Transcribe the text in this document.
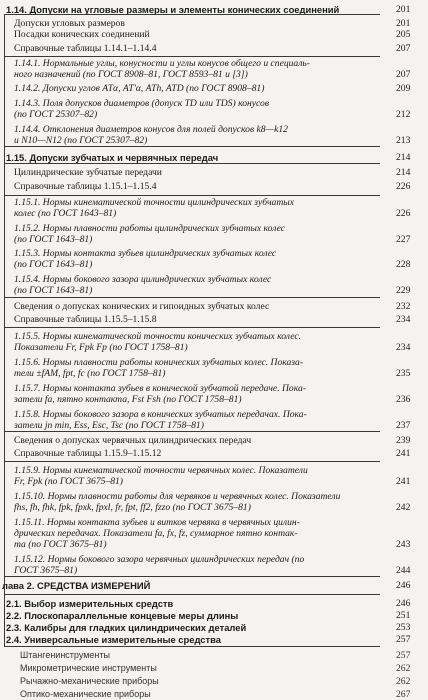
1.14. Допуски на угловые размеры и элементы конических соединений	201
Допуски угловых размеров	201
Посадки конических соединений	205
Справочные таблицы 1.14.1–1.14.4	207
1.14.1. Нормальные углы, конусности и углы конусов общего и специаль-
ного назначений (по ГОСТ 8908–81, ГОСТ 8593–81 и [3])	207
1.14.2. Допуски углов ATα, AT'α, ATh, ATD (по ГОСТ 8908–81)	209
1.14.3. Поля допусков диаметров (допуск TD или TDS) конусов
(по ГОСТ 25307–82)	212
1.14.4. Отклонения диаметров конусов для полей допусков k8—k12
и N10—N12 (по ГОСТ 25307–82)	213
1.15. Допуски зубчатых и червячных передач	214
Цилиндрические зубчатые передачи	214
Справочные таблицы 1.15.1–1.15.4	226
1.15.1. Нормы кинематической точности цилиндрических зубчатых
колес (по ГОСТ 1643–81)	226
1.15.2. Нормы плавности работы цилиндрических зубчатых колес
(по ГОСТ 1643–81)	227
1.15.3. Нормы контакта зубьев цилиндрических зубчатых колес
(по ГОСТ 1643–81)	228
1.15.4. Нормы бокового зазора цилиндрических зубчатых колес
(по ГОСТ 1643–81)	229
Сведения о допусках конических и гипоидных зубчатых колес	232
Справочные таблицы 1.15.5–1.15.8	234
1.15.5. Нормы кинематической точности конических зубчатых колес.
Показатели Fr, Fpk Fp (по ГОСТ 1758–81)	234
1.15.6. Нормы плавности работы конических зубчатых колес. Показа-
тели ±fAM, fpt, fc (по ГОСТ 1758–81)	235
1.15.7. Нормы контакта зубьев в конической зубчатой передаче. Пока-
затели fa, пятно контакта, Fst Fsh (по ГОСТ 1758–81)	236
1.15.8. Нормы бокового зазора в конических зубчатых передачах. Пока-
затели jn min, Ess, Esc, Tsc (по ГОСТ 1758–81)	237
Сведения о допусках червячных цилиндрических передач	239
Справочные таблицы 1.15.9–1.15.12	241
1.15.9. Нормы кинематической точности червячных колес. Показатели
Fr, Fpk (по ГОСТ 3675–81)	241
1.15.10. Нормы плавности работы для червяков и червячных колес. Показатели
fhs, fh, fhk, fpk, fpxk, fpxl, fr, fpt, ff2, fzzo (по ГОСТ 3675–81)	242
1.15.11. Нормы контакта зубьев и витков червяка в червячных цилин-
дрических передачах. Показатели fa, fx, fz, суммарное пятно контак-
та (по ГОСТ 3675–81)	243
1.15.12. Нормы бокового зазора червячных цилиндрических передач (по
ГОСТ 3675–81)	244
лава 2. СРЕДСТВА ИЗМЕРЕНИЙ	246
2.1. Выбор измерительных средств	246
2.2. Плоскопараллельные концевые меры длины	251
2.3. Калибры для гладких цилиндрических деталей	253
2.4. Универсальные измерительные средства	257
Штангенинструменты	257
Микрометрические инструменты	262
Рычажно-механические приборы	262
Оптико-механические приборы	267
